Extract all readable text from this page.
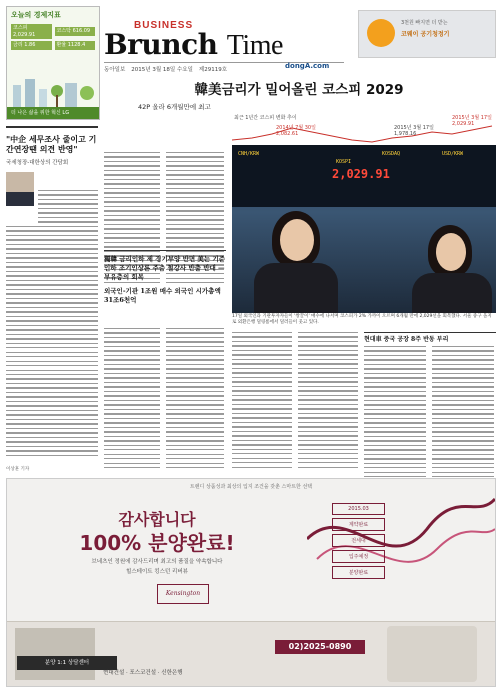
오늘의 경제지표
코스피 2,029.91
코스닥 616.09
금리 1.86	환율 1128.4
더 나은 삶을 위한 혁신 LG
BUSINESS
Brunch Time
동아일보 2015년 3월 18일 수요일 제29119호	dongA.com
3천원 빠지면 더 받는
코웨이 공기청정기
韓美금리가 밀어올린 코스피 2029
42P 올라 6개월만에 최고
최근 1년간 코스피 변화 추이
2014년 7월 30일 2,082.61
2015년 3월 17일 1,978.16
2015년 3월 17일 2,029.91
CNH/KRW	KOSDAQ	USD/KRW
KOSPI
2,029.91
17일 외국인과 기관투자자들이 '쌍끌이' 매수에 나서며 코스피가 2% 가까이 오르며 6개월 만에 2,029선을 회복했다. 서울 중구 을지로 외환은행 딜링룸에서 딜러들이 웃고 있다.
"中企 세무조사 줄이고 기간연장땐 의견 반영"
국세청장-대한상의 간담회
이상훈 기자
獨韓 금리인하 제 경기부양 반면 美는 기준 인하 조기인상론 주춤 철강사 반출 반대 — 부유층의 회복
외국인-기관 1조원 매수 외국인 시가총액 31조6천억
현대車 중국 공장 8주 반동 부리
트렌디 상품성과 최상의 입지 조건을 갖춘 스마트한 선택
감사합니다
100% 분양완료!
브네츠인 정원에 감사드리며 최고의 품질을 약속합니다
힐스테이트 킹스턴 리버뷰
2015.03
계약완료
전세대
입주예정
분양완료
Kensington
분양 1:1 상담센터
02)2025-0890
현대건설 · 포스코건설 · 신한은행
